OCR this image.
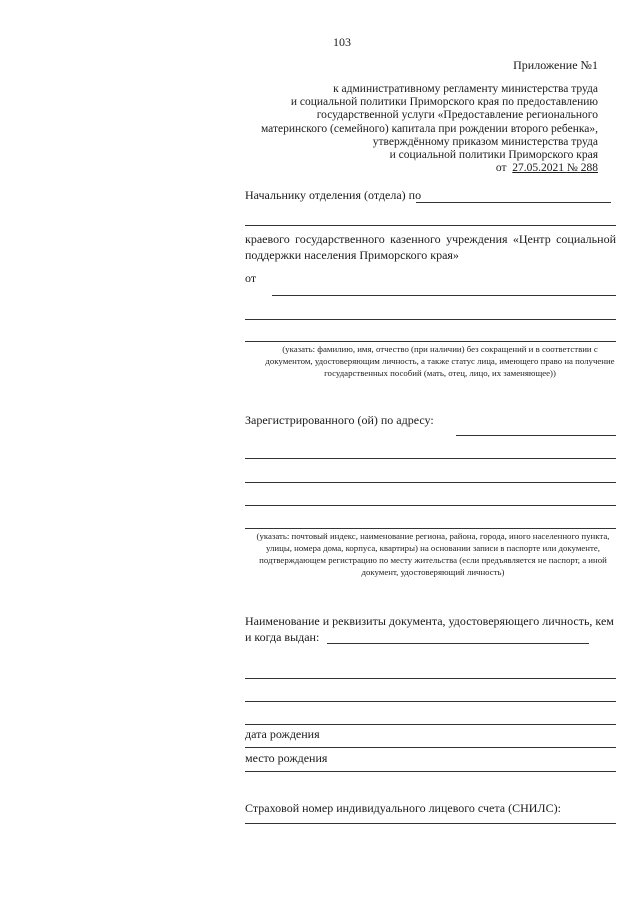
103
Приложение №1
к административному регламенту министерства труда
и социальной политики Приморского края по предоставлению
государственной услуги «Предоставление регионального
материнского (семейного) капитала при рождении второго ребенка»,
утверждённому приказом министерства труда
и социальной политики Приморского края
от 27.05.2021 № 288
Начальнику отделения (отдела) по
краевого государственного казенного учреждения «Центр социальной поддержки населения Приморского края»
от
(указать: фамилию, имя, отчество (при наличии) без сокращений и в соответствии с документом, удостоверяющим личность, а также статус лица, имеющего право на получение государственных пособий (мать, отец, лицо, их заменяющее))
Зарегистрированного (ой) по адресу:
(указать: почтовый индекс, наименование региона, района, города, иного населенного пункта, улицы, номера дома, корпуса, квартиры) на основании записи в паспорте или документе, подтверждающем регистрацию по месту жительства (если предъявляется не паспорт, а иной документ, удостоверяющий личность)
Наименование и реквизиты документа, удостоверяющего личность, кем
и когда выдан:
дата рождения
место рождения
Страховой номер индивидуального лицевого счета (СНИЛС):
